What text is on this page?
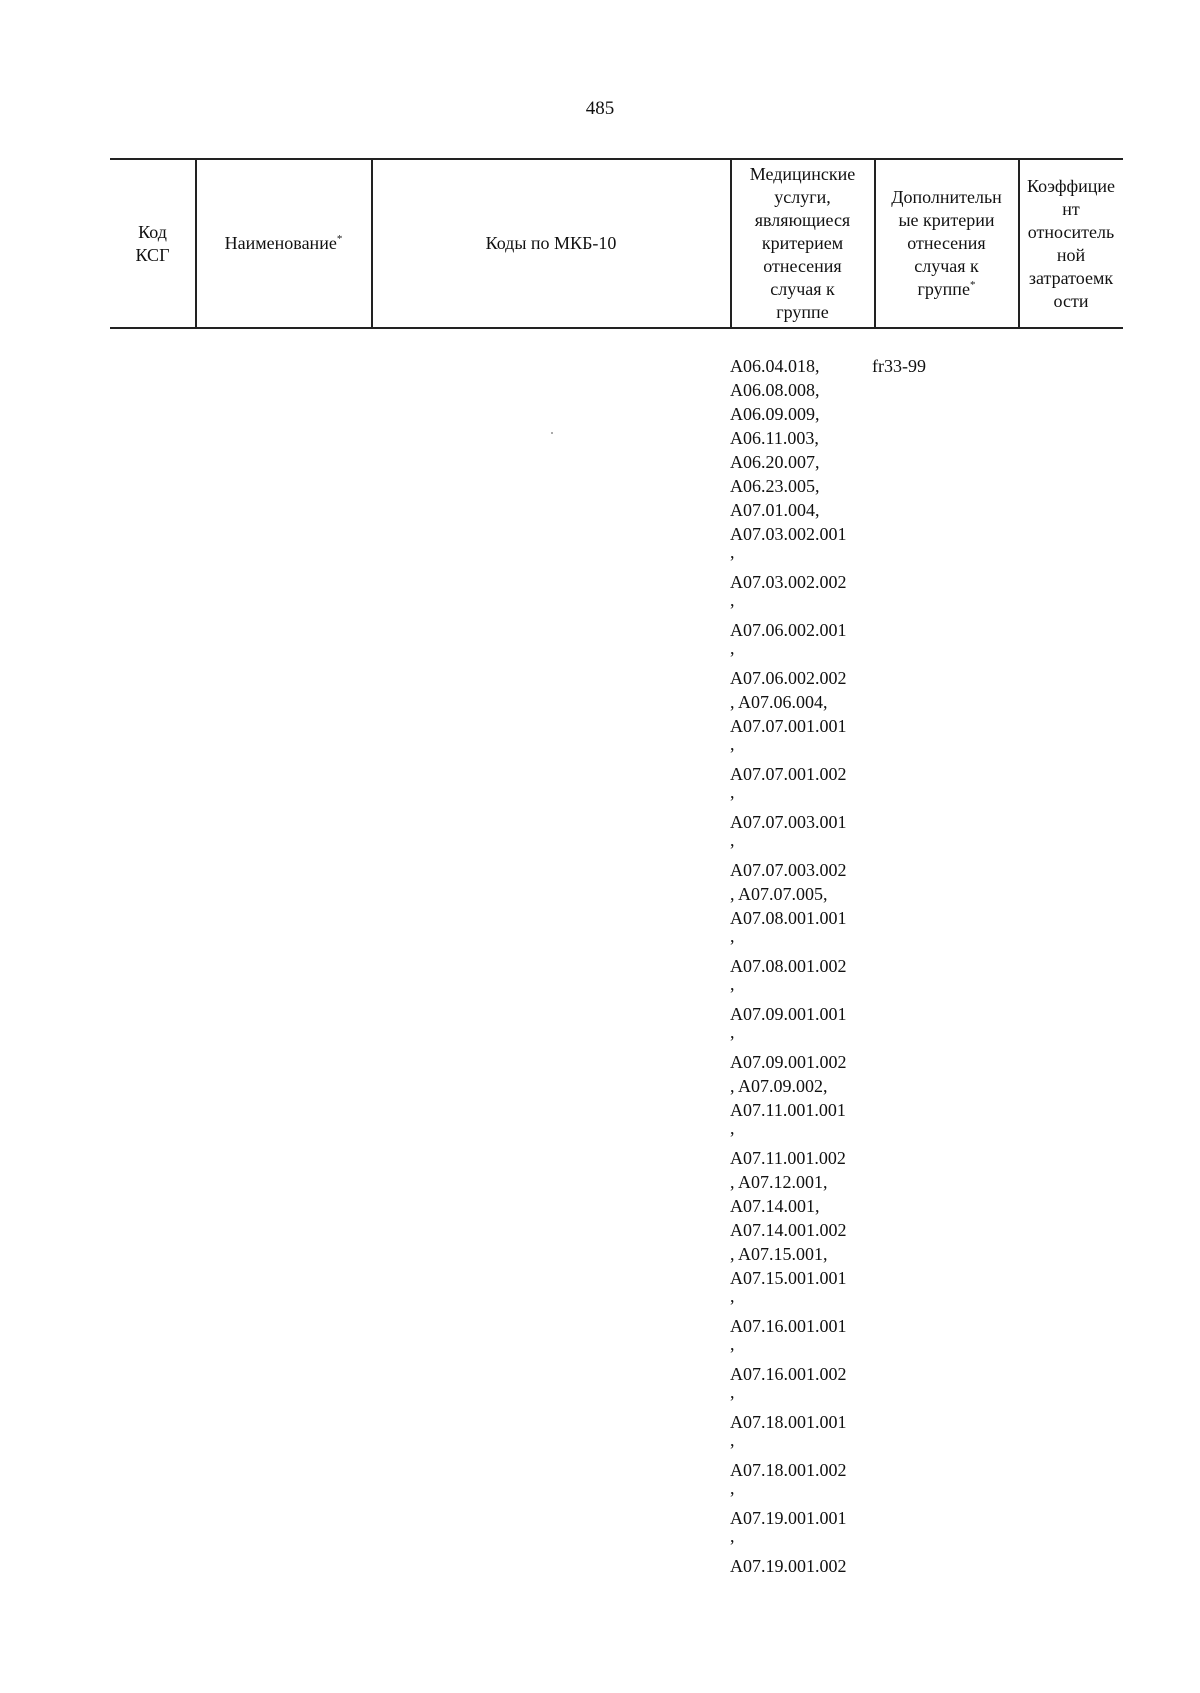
485
Код
КСГ
Наименование*	Коды по МКБ-10
Медицинские
услуги,
являющиеся
критерием
отнесения
случая к
группе
Дополнительн
ые критерии
отнесения
случая к
группе*
Коэффицие
нт
относитель
ной
затратоемк
ости
A06.04.018,
A06.08.008,
A06.09.009,
A06.11.003,
A06.20.007,
A06.23.005,
A07.01.004,
A07.03.002.001
,
A07.03.002.002
,
A07.06.002.001
,
A07.06.002.002
, A07.06.004,
A07.07.001.001
,
A07.07.001.002
,
A07.07.003.001
,
A07.07.003.002
, A07.07.005,
A07.08.001.001
,
A07.08.001.002
,
A07.09.001.001
,
A07.09.001.002
, A07.09.002,
A07.11.001.001
,
A07.11.001.002
, A07.12.001,
A07.14.001,
A07.14.001.002
, A07.15.001,
A07.15.001.001
,
A07.16.001.001
,
A07.16.001.002
,
A07.18.001.001
,
A07.18.001.002
,
A07.19.001.001
,
A07.19.001.002
fr33-99
